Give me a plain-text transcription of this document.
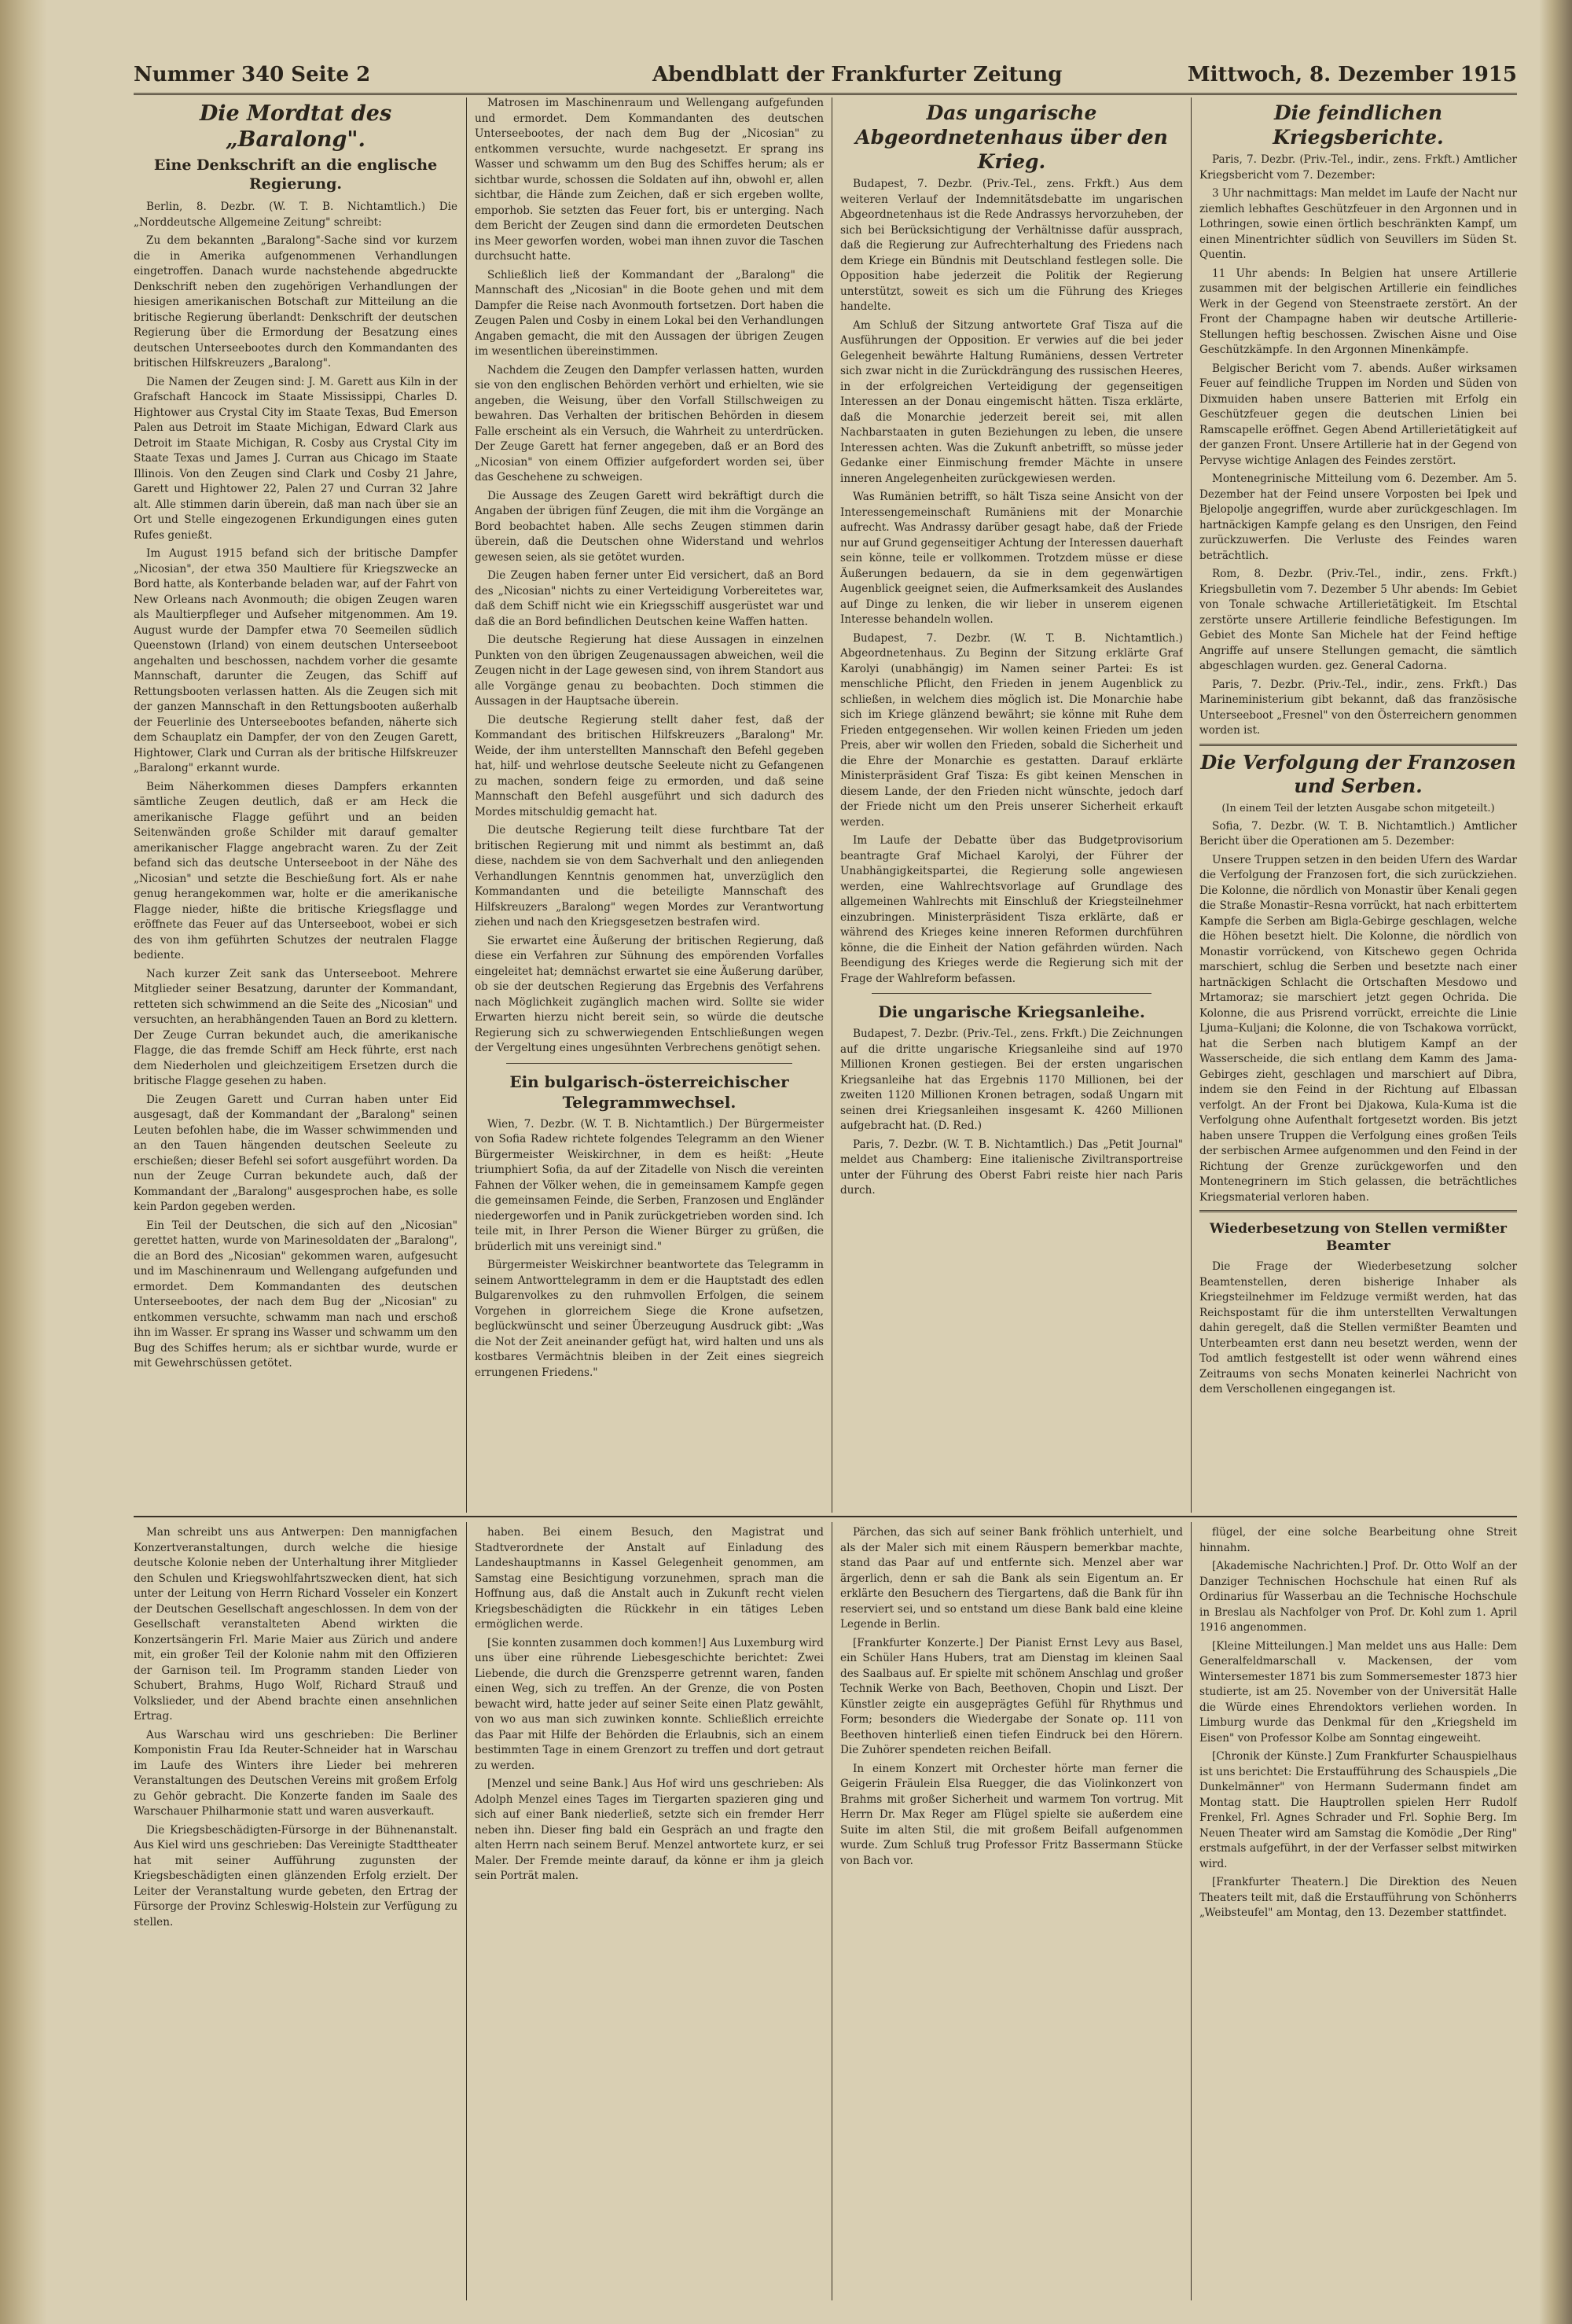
Nummer 340 Seite 2	Abendblatt der Frankfurter Zeitung	Mittwoch, 8. Dezember 1915
Die Mordtat des „Baralong".
Eine Denkschrift an die englische Regierung.

Berlin, 8. Dezbr. (W. T. B. Nichtamtlich.) Die „Norddeutsche Allgemeine Zeitung" schreibt:

Zu dem bekannten „Baralong"-Sache sind vor kurzem die in Amerika aufgenommenen Verhandlungen eingetroffen. Danach wurde nachstehende abgedruckte Denkschrift neben den zugehörigen Verhandlungen der hiesigen amerikanischen Botschaft zur Mitteilung an die britische Regierung überlandt: Denkschrift der deutschen Regierung über die Ermordung der Besatzung eines deutschen Unterseebootes durch den Kommandanten des britischen Hilfskreuzers „Baralong".

Die Namen der Zeugen sind: J. M. Garett aus Kiln in der Grafschaft Hancock im Staate Mississippi, Charles D. Hightower aus Crystal City im Staate Texas, Bud Emerson Palen aus Detroit im Staate Michigan, Edward Clark aus Detroit im Staate Michigan, R. Cosby aus Crystal City im Staate Texas und James J. Curran aus Chicago im Staate Illinois. Von den Zeugen sind Clark und Cosby 21 Jahre, Garett und Hightower 22, Palen 27 und Curran 32 Jahre alt. Alle stimmen darin überein, daß man nach über sie an Ort und Stelle eingezogenen Erkundigungen eines guten Rufes genießt.

Im August 1915 befand sich der britische Dampfer „Nicosian", der etwa 350 Maultiere für Kriegszwecke an Bord hatte, als Konterbande beladen war, auf der Fahrt von New Orleans nach Avonmouth; die obigen Zeugen waren als Maultierpfleger und Aufseher mitgenommen. Am 19. August wurde der Dampfer etwa 70 Seemeilen südlich Queenstown (Irland) von einem deutschen Unterseeboot angehalten und beschossen, nachdem vorher die gesamte Mannschaft, darunter die Zeugen, das Schiff auf Rettungsbooten verlassen hatten. Als die Zeugen sich mit der ganzen Mannschaft in den Rettungsbooten außerhalb der Feuerlinie des Unterseebootes befanden, näherte sich dem Schauplatz ein Dampfer, der von den Zeugen Garett, Hightower, Clark und Curran als der britische Hilfskreuzer „Baralong" erkannt wurde.

Beim Näherkommen dieses Dampfers erkannten sämtliche Zeugen deutlich, daß er am Heck die amerikanische Flagge geführt und an beiden Seitenwänden große Schilder mit darauf gemalter amerikanischer Flagge angebracht waren. Zu der Zeit befand sich das deutsche Unterseeboot in der Nähe des „Nicosian" und setzte die Beschießung fort. Als er nahe genug herangekommen war, holte er die amerikanische Flagge nieder, hißte die britische Kriegsflagge und eröffnete das Feuer auf das Unterseeboot, wobei er sich des von ihm geführten Schutzes der neutralen Flagge bediente.

Nach kurzer Zeit sank das Unterseeboot. Mehrere Mitglieder seiner Besatzung, darunter der Kommandant, retteten sich schwimmend an die Seite des „Nicosian" und versuchten, an herabhängenden Tauen an Bord zu klettern. Der Zeuge Curran bekundet auch, die amerikanische Flagge, die das fremde Schiff am Heck führte, erst nach dem Niederholen und gleichzeitigem Ersetzen durch die britische Flagge gesehen zu haben.

Die Zeugen Garett und Curran haben unter Eid ausgesagt, daß der Kommandant der „Baralong" seinen Leuten befohlen habe, die im Wasser schwimmenden und an den Tauen hängenden deutschen Seeleute zu erschießen; dieser Befehl sei sofort ausgeführt worden. Da nun der Zeuge Curran bekundete auch, daß der Kommandant der „Baralong" ausgesprochen habe, es solle kein Pardon gegeben werden.

Ein Teil der Deutschen, die sich auf den „Nicosian" gerettet hatten, wurde von Marinesoldaten der „Baralong", die an Bord des „Nicosian" gekommen waren, aufgesucht und im Maschinenraum und Wellengang aufgefunden und ermordet. Dem Kommandanten des deutschen Unterseebootes, der nach dem Bug der „Nicosian" zu entkommen versuchte, schwamm man nach und erschoß ihn im Wasser. Er sprang ins Wasser und schwamm um den Bug des Schiffes herum; als er sichtbar wurde, wurde er mit Gewehrschüssen getötet.

Matrosen im Maschinenraum und Wellengang aufgefunden und ermordet. Dem Kommandanten des deutschen Unterseebootes, der nach dem Bug der „Nicosian" zu entkommen versuchte, wurde nachgesetzt. Er sprang ins Wasser und schwamm um den Bug des Schiffes herum; als er sichtbar wurde, schossen die Soldaten auf ihn, obwohl er, allen sichtbar, die Hände zum Zeichen, daß er sich ergeben wollte, emporhob. Sie setzten das Feuer fort, bis er unterging. Nach dem Bericht der Zeugen sind dann die ermordeten Deutschen ins Meer geworfen worden, wobei man ihnen zuvor die Taschen durchsucht hatte.

Schließlich ließ der Kommandant der „Baralong" die Mannschaft des „Nicosian" in die Boote gehen und mit dem Dampfer die Reise nach Avonmouth fortsetzen. Dort haben die Zeugen Palen und Cosby in einem Lokal bei den Verhandlungen Angaben gemacht, die mit den Aussagen der übrigen Zeugen im wesentlichen übereinstimmen.

Nachdem die Zeugen den Dampfer verlassen hatten, wurden sie von den englischen Behörden verhört und erhielten, wie sie angeben, die Weisung, über den Vorfall Stillschweigen zu bewahren. Das Verhalten der britischen Behörden in diesem Falle erscheint als ein Versuch, die Wahrheit zu unterdrücken. Der Zeuge Garett hat ferner angegeben, daß er an Bord des „Nicosian" von einem Offizier aufgefordert worden sei, über das Geschehene zu schweigen.

Die Aussage des Zeugen Garett wird bekräftigt durch die Angaben der übrigen fünf Zeugen, die mit ihm die Vorgänge an Bord beobachtet haben. Alle sechs Zeugen stimmen darin überein, daß die Deutschen ohne Widerstand und wehrlos gewesen seien, als sie getötet wurden.

Die Zeugen haben ferner unter Eid versichert, daß an Bord des „Nicosian" nichts zu einer Verteidigung Vorbereitetes war, daß dem Schiff nicht wie ein Kriegsschiff ausgerüstet war und daß die an Bord befindlichen Deutschen keine Waffen hatten.

Die deutsche Regierung hat diese Aussagen in einzelnen Punkten von den übrigen Zeugenaussagen abweichen, weil die Zeugen nicht in der Lage gewesen sind, von ihrem Standort aus alle Vorgänge genau zu beobachten. Doch stimmen die Aussagen in der Hauptsache überein.

Die deutsche Regierung stellt daher fest, daß der Kommandant des britischen Hilfskreuzers „Baralong" Mr. Weide, der ihm unterstellten Mannschaft den Befehl gegeben hat, hilf- und wehrlose deutsche Seeleute nicht zu Gefangenen zu machen, sondern feige zu ermorden, und daß seine Mannschaft den Befehl ausgeführt und sich dadurch des Mordes mitschuldig gemacht hat.

Die deutsche Regierung teilt diese furchtbare Tat der britischen Regierung mit und nimmt als bestimmt an, daß diese, nachdem sie von dem Sachverhalt und den anliegenden Verhandlungen Kenntnis genommen hat, unverzüglich den Kommandanten und die beteiligte Mannschaft des Hilfskreuzers „Baralong" wegen Mordes zur Verantwortung ziehen und nach den Kriegsgesetzen bestrafen wird.

Sie erwartet eine Äußerung der britischen Regierung, daß diese ein Verfahren zur Sühnung des empörenden Vorfalles eingeleitet hat; demnächst erwartet sie eine Äußerung darüber, ob sie der deutschen Regierung das Ergebnis des Verfahrens nach Möglichkeit zugänglich machen wird. Sollte sie wider Erwarten hierzu nicht bereit sein, so würde die deutsche Regierung sich zu schwerwiegenden Entschließungen wegen der Vergeltung eines ungesühnten Verbrechens genötigt sehen.

Ein bulgarisch-österreichischer Telegrammwechsel.

Wien, 7. Dezbr. (W. T. B. Nichtamtlich.) Der Bürgermeister von Sofia Radew richtete folgendes Telegramm an den Wiener Bürgermeister Weiskirchner, in dem es heißt: „Heute triumphiert Sofia, da auf der Zitadelle von Nisch die vereinten Fahnen der Völker wehen, die in gemeinsamem Kampfe gegen die gemeinsamen Feinde, die Serben, Franzosen und Engländer niedergeworfen und in Panik zurückgetrieben worden sind. Ich teile mit, in Ihrer Person die Wiener Bürger zu grüßen, die brüderlich mit uns vereinigt sind."

Bürgermeister Weiskirchner beantwortete das Telegramm in seinem Antworttelegramm in dem er die Hauptstadt des edlen Bulgarenvolkes zu den ruhmvollen Erfolgen, die seinem Vorgehen in glorreichem Siege die Krone aufsetzen, beglückwünscht und seiner Überzeugung Ausdruck gibt: „Was die Not der Zeit aneinander gefügt hat, wird halten und uns als kostbares Vermächtnis bleiben in der Zeit eines siegreich errungenen Friedens."

Das ungarische Abgeordnetenhaus über den Krieg.

Budapest, 7. Dezbr. (Priv.-Tel., zens. Frkft.) Aus dem weiteren Verlauf der Indemnitätsdebatte im ungarischen Abgeordnetenhaus ist die Rede Andrassys hervorzuheben, der sich bei Berücksichtigung der Verhältnisse dafür aussprach, daß die Regierung zur Aufrechterhaltung des Friedens nach dem Kriege ein Bündnis mit Deutschland festlegen solle. Die Opposition habe jederzeit die Politik der Regierung unterstützt, soweit es sich um die Führung des Krieges handelte.

Am Schluß der Sitzung antwortete Graf Tisza auf die Ausführungen der Opposition. Er verwies auf die bei jeder Gelegenheit bewährte Haltung Rumäniens, dessen Vertreter sich zwar nicht in die Zurückdrängung des russischen Heeres, in der erfolgreichen Verteidigung der gegenseitigen Interessen an der Donau eingemischt hätten. Tisza erklärte, daß die Monarchie jederzeit bereit sei, mit allen Nachbarstaaten in guten Beziehungen zu leben, die unsere Interessen achten. Was die Zukunft anbetrifft, so müsse jeder Gedanke einer Einmischung fremder Mächte in unsere inneren Angelegenheiten zurückgewiesen werden.

Was Rumänien betrifft, so hält Tisza seine Ansicht von der Interessengemeinschaft Rumäniens mit der Monarchie aufrecht. Was Andrassy darüber gesagt habe, daß der Friede nur auf Grund gegenseitiger Achtung der Interessen dauerhaft sein könne, teile er vollkommen. Trotzdem müsse er diese Äußerungen bedauern, da sie in dem gegenwärtigen Augenblick geeignet seien, die Aufmerksamkeit des Auslandes auf Dinge zu lenken, die wir lieber in unserem eigenen Interesse behandeln wollen.

Budapest, 7. Dezbr. (W. T. B. Nichtamtlich.) Abgeordnetenhaus. Zu Beginn der Sitzung erklärte Graf Karolyi (unabhängig) im Namen seiner Partei: Es ist menschliche Pflicht, den Frieden in jenem Augenblick zu schließen, in welchem dies möglich ist. Die Monarchie habe sich im Kriege glänzend bewährt; sie könne mit Ruhe dem Frieden entgegensehen. Wir wollen keinen Frieden um jeden Preis, aber wir wollen den Frieden, sobald die Sicherheit und die Ehre der Monarchie es gestatten. Darauf erklärte Ministerpräsident Graf Tisza: Es gibt keinen Menschen in diesem Lande, der den Frieden nicht wünschte, jedoch darf der Friede nicht um den Preis unserer Sicherheit erkauft werden.

Im Laufe der Debatte über das Budgetprovisorium beantragte Graf Michael Karolyi, der Führer der Unabhängigkeitspartei, die Regierung solle angewiesen werden, eine Wahlrechtsvorlage auf Grundlage des allgemeinen Wahlrechts mit Einschluß der Kriegsteilnehmer einzubringen. Ministerpräsident Tisza erklärte, daß er während des Krieges keine inneren Reformen durchführen könne, die die Einheit der Nation gefährden würden. Nach Beendigung des Krieges werde die Regierung sich mit der Frage der Wahlreform befassen.

Die ungarische Kriegsanleihe.

Budapest, 7. Dezbr. (Priv.-Tel., zens. Frkft.) Die Zeichnungen auf die dritte ungarische Kriegsanleihe sind auf 1970 Millionen Kronen gestiegen. Bei der ersten ungarischen Kriegsanleihe hat das Ergebnis 1170 Millionen, bei der zweiten 1120 Millionen Kronen betragen, sodaß Ungarn mit seinen drei Kriegsanleihen insgesamt K. 4260 Millionen aufgebracht hat. (D. Red.)

Paris, 7. Dezbr. (W. T. B. Nichtamtlich.) Das „Petit Journal" meldet aus Chamberg: Eine italienische Ziviltransportreise unter der Führung des Oberst Fabri reiste hier nach Paris durch.

Die feindlichen Kriegsberichte.

Paris, 7. Dezbr. (Priv.-Tel., indir., zens. Frkft.) Amtlicher Kriegsbericht vom 7. Dezember:

3 Uhr nachmittags: Man meldet im Laufe der Nacht nur ziemlich lebhaftes Geschützfeuer in den Argonnen und in Lothringen, sowie einen örtlich beschränkten Kampf, um einen Minentrichter südlich von Seuvillers im Süden St. Quentin.

11 Uhr abends: In Belgien hat unsere Artillerie zusammen mit der belgischen Artillerie ein feindliches Werk in der Gegend von Steenstraete zerstört. An der Front der Champagne haben wir deutsche Artillerie-Stellungen heftig beschossen. Zwischen Aisne und Oise Geschützkämpfe. In den Argonnen Minenkämpfe.

Belgischer Bericht vom 7. abends. Außer wirksamen Feuer auf feindliche Truppen im Norden und Süden von Dixmuiden haben unsere Batterien mit Erfolg ein Geschützfeuer gegen die deutschen Linien bei Ramscapelle eröffnet. Gegen Abend Artillerietätigkeit auf der ganzen Front. Unsere Artillerie hat in der Gegend von Pervyse wichtige Anlagen des Feindes zerstört.

Montenegrinische Mitteilung vom 6. Dezember. Am 5. Dezember hat der Feind unsere Vorposten bei Ipek und Bjelopolje angegriffen, wurde aber zurückgeschlagen. Im hartnäckigen Kampfe gelang es den Unsrigen, den Feind zurückzuwerfen. Die Verluste des Feindes waren beträchtlich.

Rom, 8. Dezbr. (Priv.-Tel., indir., zens. Frkft.) Kriegsbulletin vom 7. Dezember 5 Uhr abends: Im Gebiet von Tonale schwache Artillerietätigkeit. Im Etschtal zerstörte unsere Artillerie feindliche Befestigungen. Im Gebiet des Monte San Michele hat der Feind heftige Angriffe auf unsere Stellungen gemacht, die sämtlich abgeschlagen wurden. gez. General Cadorna.

Paris, 7. Dezbr. (Priv.-Tel., indir., zens. Frkft.) Das Marineministerium gibt bekannt, daß das französische Unterseeboot „Fresnel" von den Österreichern genommen worden ist.

Die Verfolgung der Franzosen und Serben.

(In einem Teil der letzten Ausgabe schon mitgeteilt.)

Sofia, 7. Dezbr. (W. T. B. Nichtamtlich.) Amtlicher Bericht über die Operationen am 5. Dezember:

Unsere Truppen setzen in den beiden Ufern des Wardar die Verfolgung der Franzosen fort, die sich zurückziehen. Die Kolonne, die nördlich von Monastir über Kenali gegen die Straße Monastir–Resna vorrückt, hat nach erbittertem Kampfe die Serben am Bigla-Gebirge geschlagen, welche die Höhen besetzt hielt. Die Kolonne, die nördlich von Monastir vorrückend, von Kitschewo gegen Ochrida marschiert, schlug die Serben und besetzte nach einer hartnäckigen Schlacht die Ortschaften Mesdowo und Mrtamoraz; sie marschiert jetzt gegen Ochrida. Die Kolonne, die aus Prisrend vorrückt, erreichte die Linie Ljuma–Kuljani; die Kolonne, die von Tschakowa vorrückt, hat die Serben nach blutigem Kampf an der Wasserscheide, die sich entlang dem Kamm des Jama-Gebirges zieht, geschlagen und marschiert auf Dibra, indem sie den Feind in der Richtung auf Elbassan verfolgt. An der Front bei Djakowa, Kula-Kuma ist die Verfolgung ohne Aufenthalt fortgesetzt worden. Bis jetzt haben unsere Truppen die Verfolgung eines großen Teils der serbischen Armee aufgenommen und den Feind in der Richtung der Grenze zurückgeworfen und den Montenegrinern im Stich gelassen, die beträchtliches Kriegsmaterial verloren haben.

Wiederbesetzung von Stellen vermißter Beamter

Die Frage der Wiederbesetzung solcher Beamtenstellen, deren bisherige Inhaber als Kriegsteilnehmer im Feldzuge vermißt werden, hat das Reichspostamt für die ihm unterstellten Verwaltungen dahin geregelt, daß die Stellen vermißter Beamten und Unterbeamten erst dann neu besetzt werden, wenn der Tod amtlich festgestellt ist oder wenn während eines Zeitraums von sechs Monaten keinerlei Nachricht von dem Verschollenen eingegangen ist.

Man schreibt uns aus Antwerpen: Den mannigfachen Konzertveranstaltungen, durch welche die hiesige deutsche Kolonie neben der Unterhaltung ihrer Mitglieder den Schulen und Kriegswohlfahrtszwecken dient, hat sich unter der Leitung von Herrn Richard Vosseler ein Konzert der Deutschen Gesellschaft angeschlossen. In dem von der Gesellschaft veranstalteten Abend wirkten die Konzertsängerin Frl. Marie Maier aus Zürich und andere mit, ein großer Teil der Kolonie nahm mit den Offizieren der Garnison teil. Im Programm standen Lieder von Schubert, Brahms, Hugo Wolf, Richard Strauß und Volkslieder, und der Abend brachte einen ansehnlichen Ertrag.

Aus Warschau wird uns geschrieben: Die Berliner Komponistin Frau Ida Reuter-Schneider hat in Warschau im Laufe des Winters ihre Lieder bei mehreren Veranstaltungen des Deutschen Vereins mit großem Erfolg zu Gehör gebracht. Die Konzerte fanden im Saale des Warschauer Philharmonie statt und waren ausverkauft.

Die Kriegsbeschädigten-Fürsorge in der Bühnenanstalt. Aus Kiel wird uns geschrieben: Das Vereinigte Stadttheater hat mit seiner Aufführung zugunsten der Kriegsbeschädigten einen glänzenden Erfolg erzielt. Der Leiter der Veranstaltung wurde gebeten, den Ertrag der Fürsorge der Provinz Schleswig-Holstein zur Verfügung zu stellen.

haben. Bei einem Besuch, den Magistrat und Stadtverordnete der Anstalt auf Einladung des Landeshauptmanns in Kassel Gelegenheit genommen, am Samstag eine Besichtigung vorzunehmen, sprach man die Hoffnung aus, daß die Anstalt auch in Zukunft recht vielen Kriegsbeschädigten die Rückkehr in ein tätiges Leben ermöglichen werde.

[Sie konnten zusammen doch kommen!] Aus Luxemburg wird uns über eine rührende Liebesgeschichte berichtet: Zwei Liebende, die durch die Grenzsperre getrennt waren, fanden einen Weg, sich zu treffen. An der Grenze, die von Posten bewacht wird, hatte jeder auf seiner Seite einen Platz gewählt, von wo aus man sich zuwinken konnte. Schließlich erreichte das Paar mit Hilfe der Behörden die Erlaubnis, sich an einem bestimmten Tage in einem Grenzort zu treffen und dort getraut zu werden.

[Menzel und seine Bank.] Aus Hof wird uns geschrieben: Als Adolph Menzel eines Tages im Tiergarten spazieren ging und sich auf einer Bank niederließ, setzte sich ein fremder Herr neben ihn. Dieser fing bald ein Gespräch an und fragte den alten Herrn nach seinem Beruf. Menzel antwortete kurz, er sei Maler. Der Fremde meinte darauf, da könne er ihm ja gleich sein Porträt malen.

Pärchen, das sich auf seiner Bank fröhlich unterhielt, und als der Maler sich mit einem Räuspern bemerkbar machte, stand das Paar auf und entfernte sich. Menzel aber war ärgerlich, denn er sah die Bank als sein Eigentum an. Er erklärte den Besuchern des Tiergartens, daß die Bank für ihn reserviert sei, und so entstand um diese Bank bald eine kleine Legende in Berlin.

[Frankfurter Konzerte.] Der Pianist Ernst Levy aus Basel, ein Schüler Hans Hubers, trat am Dienstag im kleinen Saal des Saalbaus auf. Er spielte mit schönem Anschlag und großer Technik Werke von Bach, Beethoven, Chopin und Liszt. Der Künstler zeigte ein ausgeprägtes Gefühl für Rhythmus und Form; besonders die Wiedergabe der Sonate op. 111 von Beethoven hinterließ einen tiefen Eindruck bei den Hörern. Die Zuhörer spendeten reichen Beifall.

In einem Konzert mit Orchester hörte man ferner die Geigerin Fräulein Elsa Ruegger, die das Violinkonzert von Brahms mit großer Sicherheit und warmem Ton vortrug. Mit Herrn Dr. Max Reger am Flügel spielte sie außerdem eine Suite im alten Stil, die mit großem Beifall aufgenommen wurde. Zum Schluß trug Professor Fritz Bassermann Stücke von Bach vor.

flügel, der eine solche Bearbeitung ohne Streit hinnahm.

[Akademische Nachrichten.] Prof. Dr. Otto Wolf an der Danziger Technischen Hochschule hat einen Ruf als Ordinarius für Wasserbau an die Technische Hochschule in Breslau als Nachfolger von Prof. Dr. Kohl zum 1. April 1916 angenommen.

[Kleine Mitteilungen.] Man meldet uns aus Halle: Dem Generalfeldmarschall v. Mackensen, der vom Wintersemester 1871 bis zum Sommersemester 1873 hier studierte, ist am 25. November von der Universität Halle die Würde eines Ehrendoktors verliehen worden. In Limburg wurde das Denkmal für den „Kriegsheld im Eisen" von Professor Kolbe am Sonntag eingeweiht.

[Chronik der Künste.] Zum Frankfurter Schauspielhaus ist uns berichtet: Die Erstaufführung des Schauspiels „Die Dunkelmänner" von Hermann Sudermann findet am Montag statt. Die Hauptrollen spielen Herr Rudolf Frenkel, Frl. Agnes Schrader und Frl. Sophie Berg. Im Neuen Theater wird am Samstag die Komödie „Der Ring" erstmals aufgeführt, in der der Verfasser selbst mitwirken wird.

[Frankfurter Theatern.] Die Direktion des Neuen Theaters teilt mit, daß die Erstaufführung von Schönherrs „Weibsteufel" am Montag, den 13. Dezember stattfindet.
